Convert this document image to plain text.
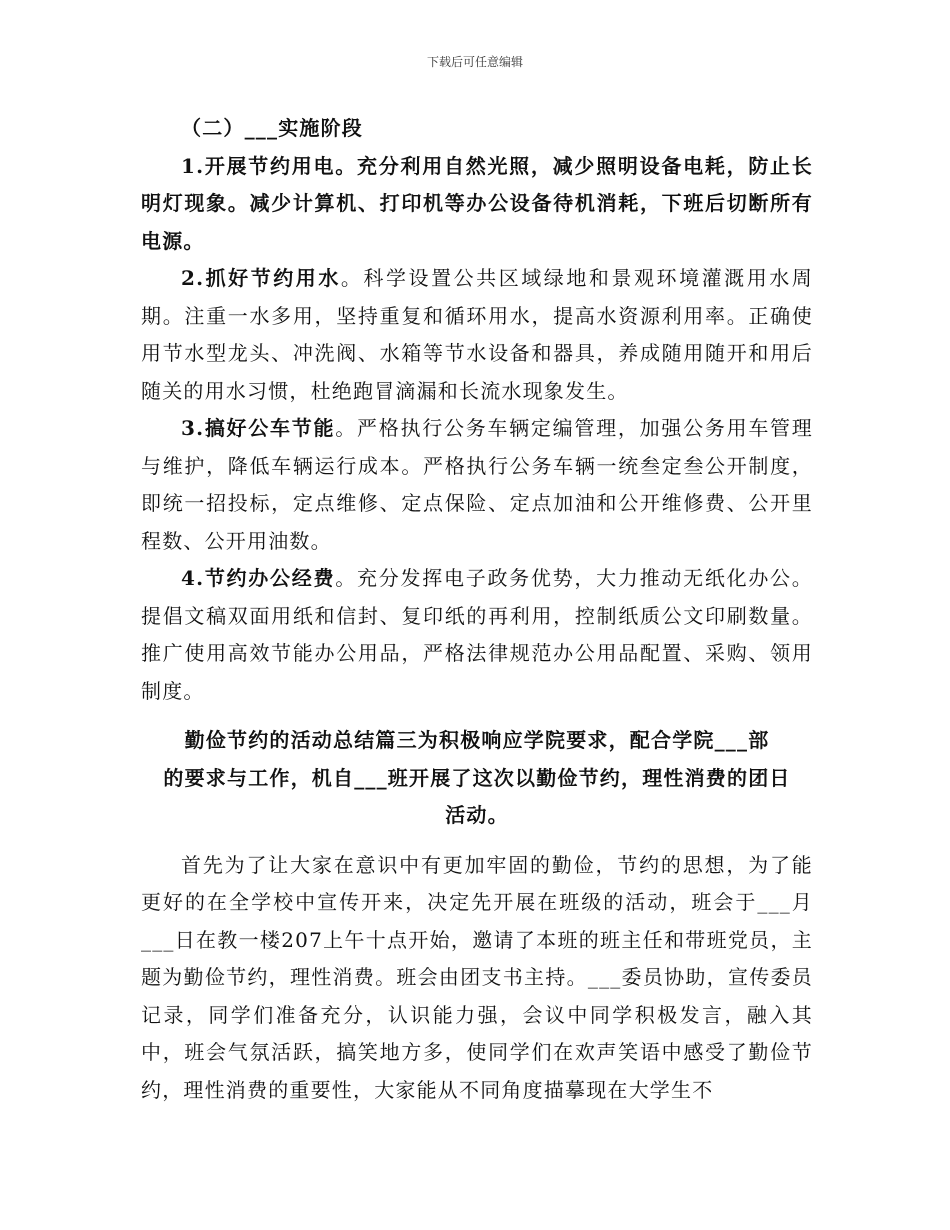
下载后可任意编辑

（二）___实施阶段

1.开展节约用电。充分利用自然光照，减少照明设备电耗，防止长明灯现象。减少计算机、打印机等办公设备待机消耗，下班后切断所有电源。

2.抓好节约用水。科学设置公共区域绿地和景观环境灌溉用水周期。注重一水多用，坚持重复和循环用水，提高水资源利用率。正确使用节水型龙头、冲洗阀、水箱等节水设备和器具，养成随用随开和用后随关的用水习惯，杜绝跑冒滴漏和长流水现象发生。

3.搞好公车节能。严格执行公务车辆定编管理，加强公务用车管理与维护，降低车辆运行成本。严格执行公务车辆一统叁定叁公开制度，即统一招投标，定点维修、定点保险、定点加油和公开维修费、公开里程数、公开用油数。

4.节约办公经费。充分发挥电子政务优势，大力推动无纸化办公。提倡文稿双面用纸和信封、复印纸的再利用，控制纸质公文印刷数量。推广使用高效节能办公用品，严格法律规范办公用品配置、采购、领用制度。

勤俭节约的活动总结篇三为积极响应学院要求，配合学院___部
的要求与工作，机自___班开展了这次以勤俭节约，理性消费的团日
活动。

首先为了让大家在意识中有更加牢固的勤俭，节约的思想，为了能更好的在全学校中宣传开来，决定先开展在班级的活动，班会于___月___日在教一楼207上午十点开始，邀请了本班的班主任和带班党员，主题为勤俭节约，理性消费。班会由团支书主持。___委员协助，宣传委员记录，同学们准备充分，认识能力强，会议中同学积极发言，融入其中，班会气氛活跃，搞笑地方多，使同学们在欢声笑语中感受了勤俭节约，理性消费的重要性，大家能从不同角度描摹现在大学生不
